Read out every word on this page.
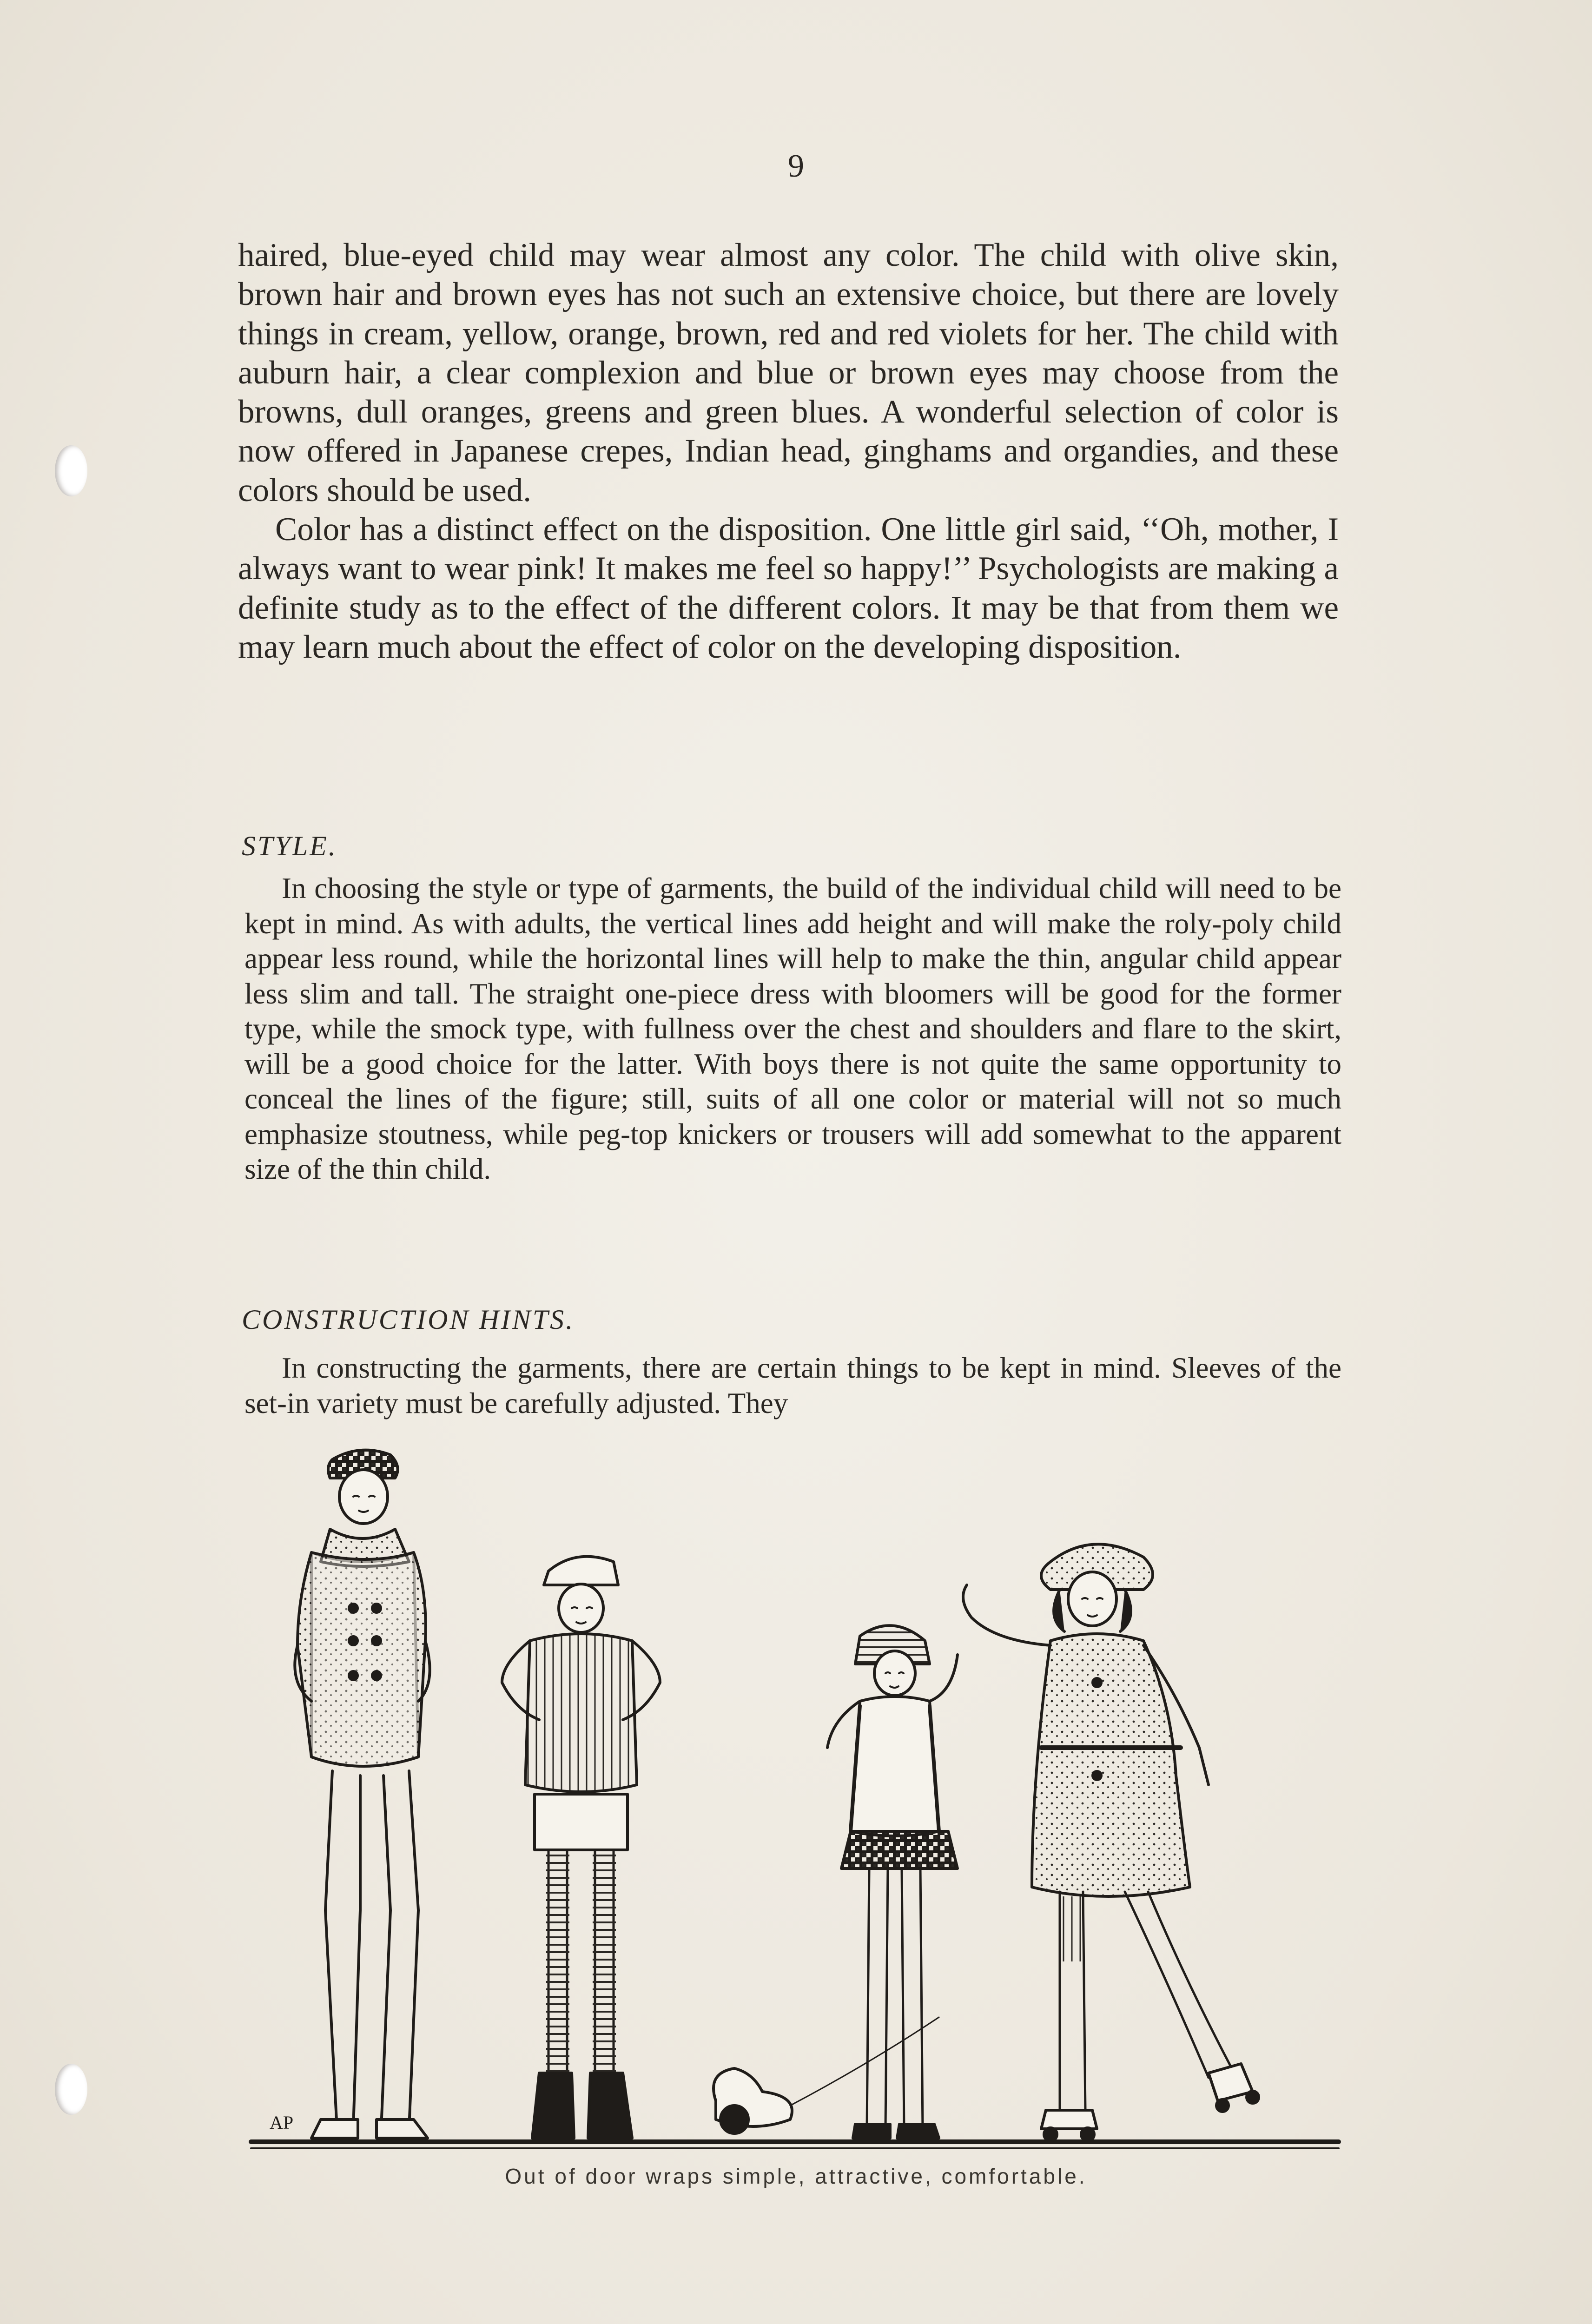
9

haired, blue-eyed child may wear almost any color. The child with olive skin, brown hair and brown eyes has not such an extensive choice, but there are lovely things in cream, yellow, orange, brown, red and red violets for her. The child with auburn hair, a clear complexion and blue or brown eyes may choose from the browns, dull oranges, greens and green blues. A wonderful selection of color is now offered in Japanese crepes, Indian head, ginghams and organdies, and these colors should be used.

Color has a distinct effect on the disposition. One little girl said, ‘‘Oh, mother, I always want to wear pink! It makes me feel so happy!’’ Psychologists are making a definite study as to the effect of the different colors. It may be that from them we may learn much about the effect of color on the developing disposition.

STYLE.

In choosing the style or type of garments, the build of the individual child will need to be kept in mind. As with adults, the vertical lines add height and will make the roly-poly child appear less round, while the horizontal lines will help to make the thin, angular child appear less slim and tall. The straight one-piece dress with bloomers will be good for the former type, while the smock type, with fullness over the chest and shoulders and flare to the skirt, will be a good choice for the latter. With boys there is not quite the same opportunity to conceal the lines of the figure; still, suits of all one color or material will not so much emphasize stoutness, while peg-top knickers or trousers will add somewhat to the apparent size of the thin child.

CONSTRUCTION HINTS.

In constructing the garments, there are certain things to be kept in mind. Sleeves of the set-in variety must be carefully adjusted. They

AP
Out of door wraps simple, attractive, comfortable.
